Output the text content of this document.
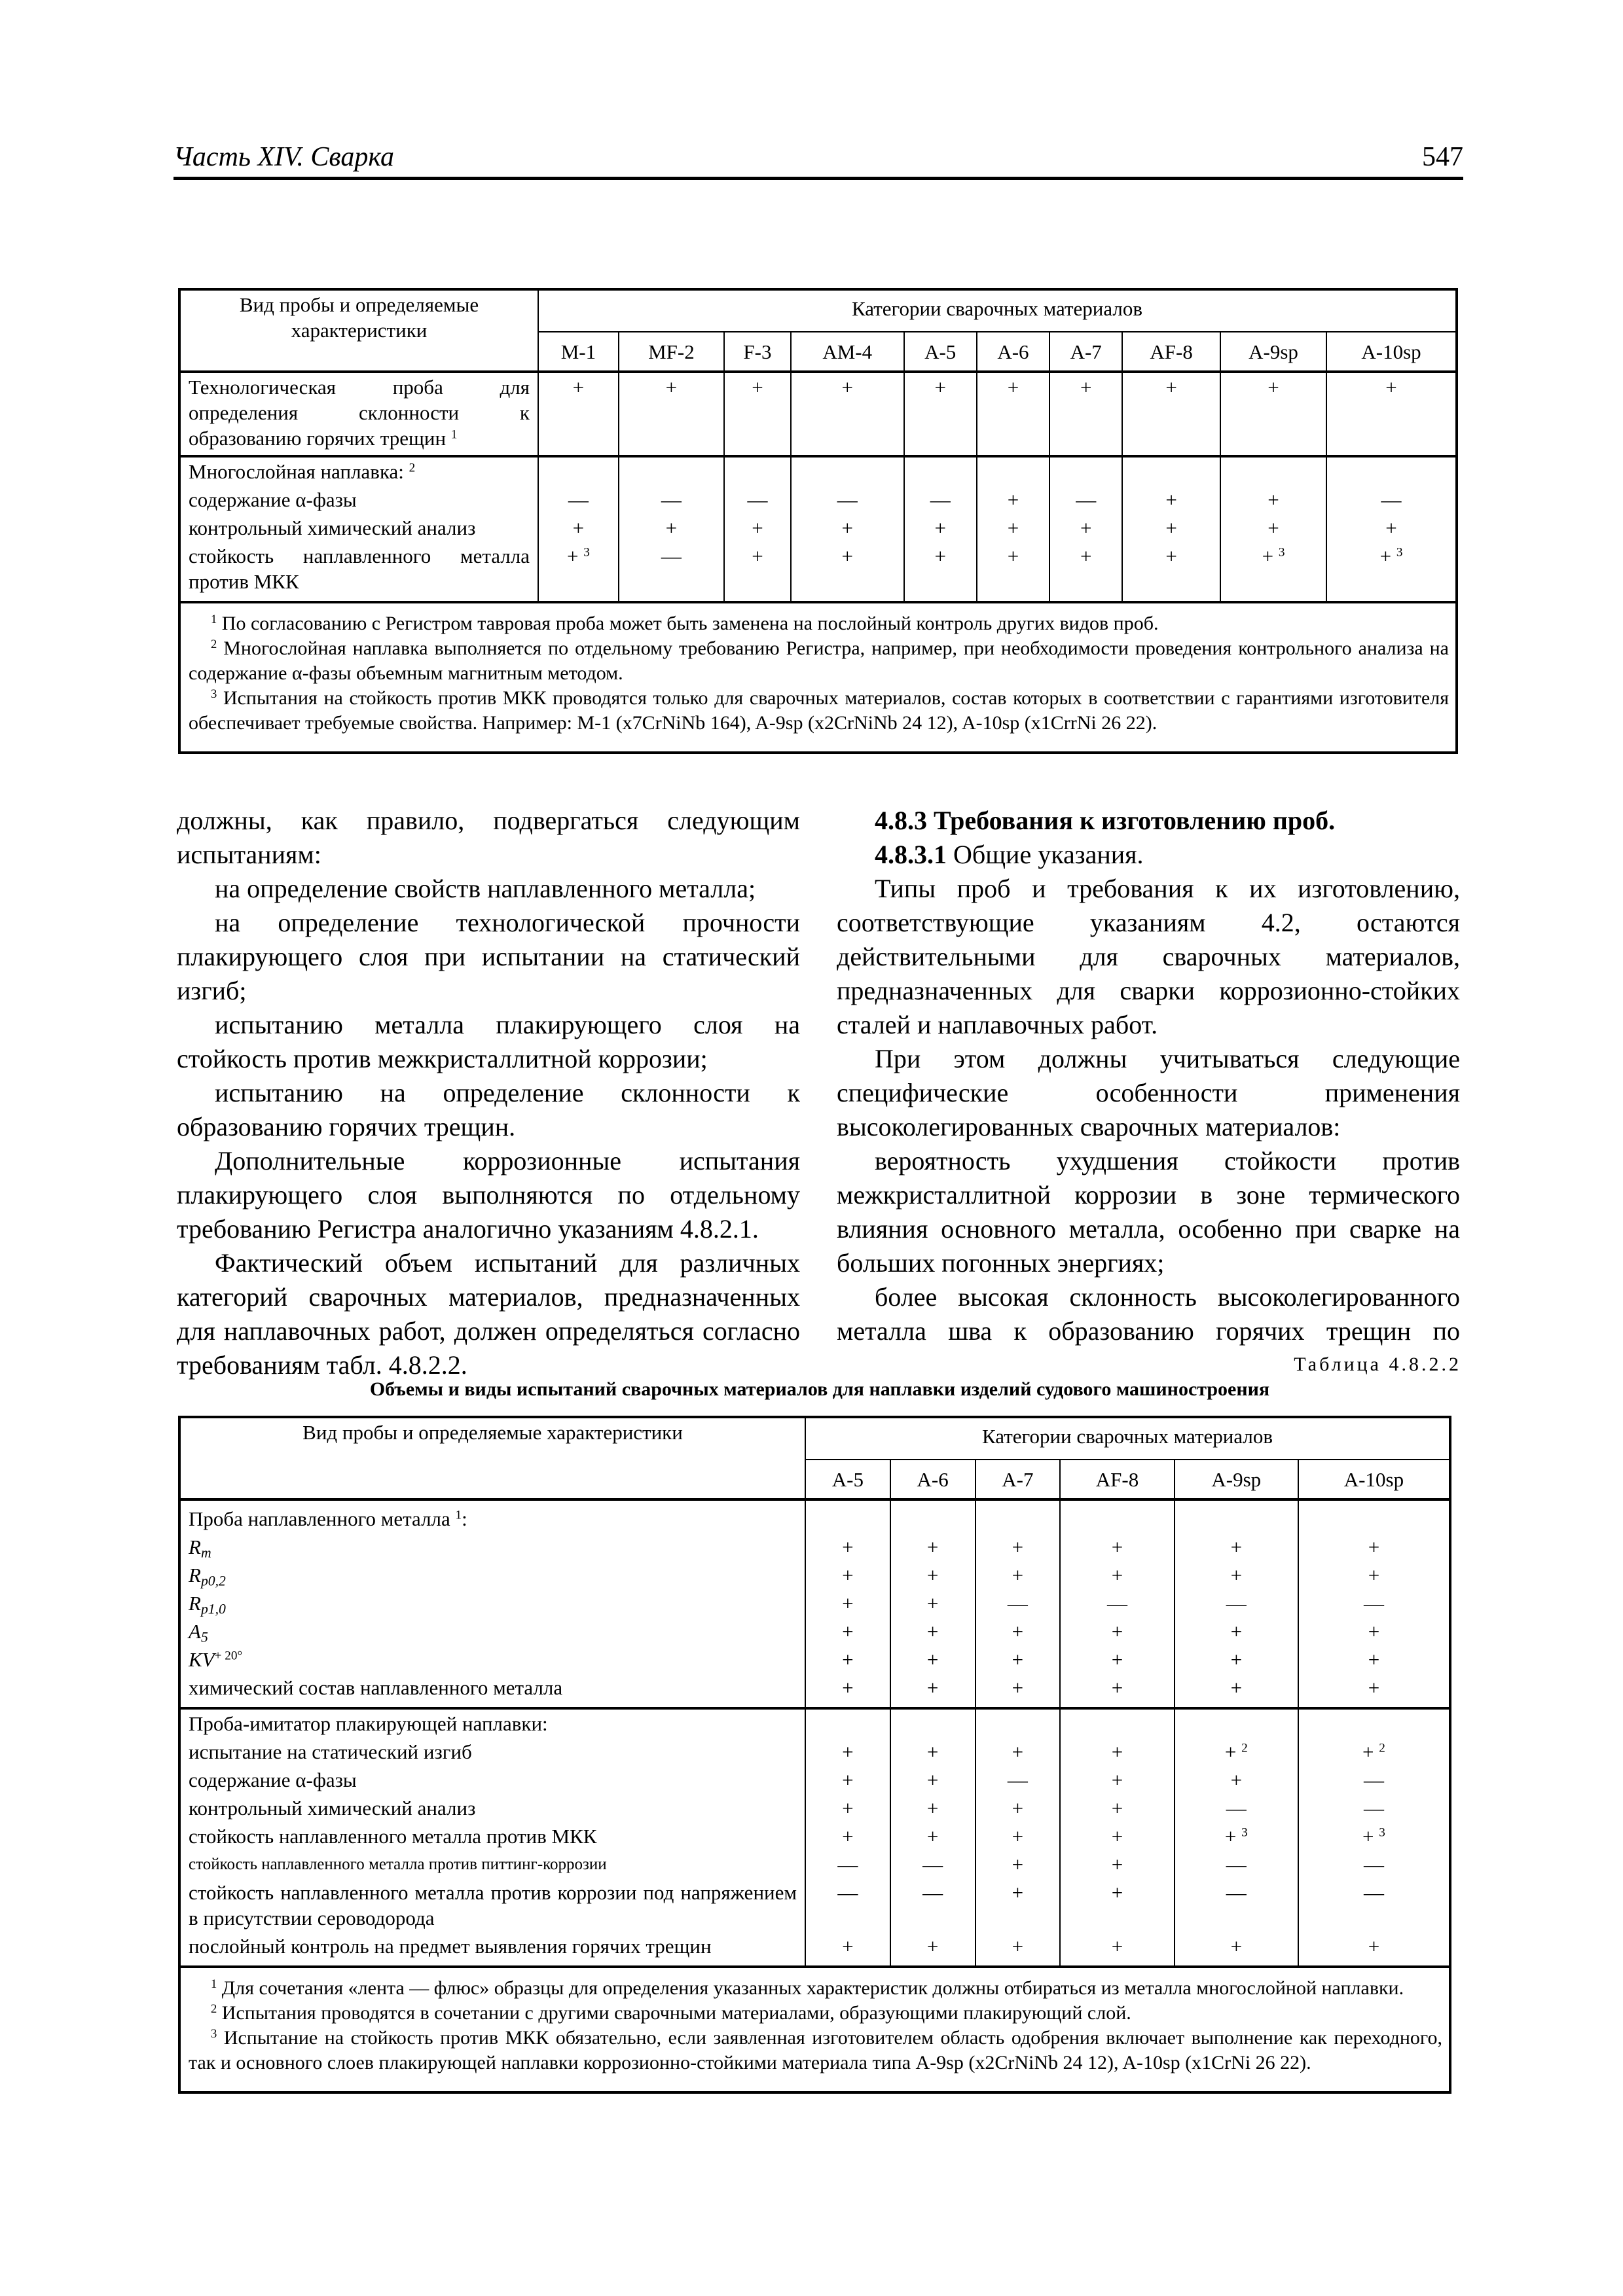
Часть XIV. Сварка	547
Вид пробы и определяемые характеристики	Категории сварочных материалов									
	M-1	MF-2	F-3	AM-4	A-5	A-6	A-7	AF-8	A-9sp	A-10sp
Технологическая проба для определения склонности к образованию горячих трещин $^1$	+	+	+	+	+	+	+	+	+	+
Многослойная наплавка: $^2$										
содержание α-фазы	—	—	—	—	—	+	—	+	+	—
контрольный химический анализ	+	+	+	+	+	+	+	+	+	+
стойкость наплавленного металла против МКК	+ $^3$	—	+	+	+	+	+	+	+ $^3$	+ $^3$

$^1$ По согласованию с Регистром тавровая проба может быть заменена на послойный контроль других видов проб.

$^2$ Многослойная наплавка выполняется по отдельному требованию Регистра, например, при необходимости проведения контрольного анализа на содержание α-фазы объемным магнитным методом.

$^3$ Испытания на стойкость против МКК проводятся только для сварочных материалов, состав которых в соответствии с гарантиями изготовителя обеспечивает требуемые свойства. Например: M-1 (x7CrNiNb 164), A-9sp (x2CrNiNb 24 12), A-10sp (x1CrrNi 26 22).										

должны, как правило, подвергаться следующим испытаниям:

на определение свойств наплавленного металла;

на определение технологической прочности плакирующего слоя при испытании на статический изгиб;

испытанию металла плакирующего слоя на стойкость против межкристаллитной коррозии;

испытанию на определение склонности к образованию горячих трещин.

Дополнительные коррозионные испытания плакирующего слоя выполняются по отдельному требованию Регистра аналогично указаниям 4.8.2.1.

Фактический объем испытаний для различных категорий сварочных материалов, предназначенных для наплавочных работ, должен определяться согласно требованиям табл. 4.8.2.2.

4.8.3 Требования к изготовлению проб.

4.8.3.1 Общие указания.

Типы проб и требования к их изготовлению, соответствующие указаниям 4.2, остаются действительными для сварочных материалов, предназначенных для сварки коррозионно-стойких сталей и наплавочных работ.

При этом должны учитываться следующие специфические особенности применения высоколегированных сварочных материалов:

вероятность ухудшения стойкости против межкристаллитной коррозии в зоне термического влияния основного металла, особенно при сварке на больших погонных энергиях;

более высокая склонность высоколегированного металла шва к образованию горячих трещин по

Таблица 4.8.2.2
Объемы и виды испытаний сварочных материалов для наплавки изделий судового машиностроения
Вид пробы и определяемые характеристики	Категории сварочных материалов					
	A-5	A-6	A-7	AF-8	A-9sp	A-10sp
Проба наплавленного металла $^1$:						
$R_m$	+	+	+	+	+	+
$R_{p0,2}$	+	+	+	+	+	+
$R_{p1,0}$	+	+	—	—	—	—
$A_5$	+	+	+	+	+	+
$KV^{+ 20^\circ}$	+	+	+	+	+	+
химический состав наплавленного металла	+	+	+	+	+	+
Проба-имитатор плакирующей наплавки:						
испытание на статический изгиб	+	+	+	+	+ $^2$	+ $^2$
содержание α-фазы	+	+	—	+	+	—
контрольный химический анализ	+	+	+	+	—	—
стойкость наплавленного металла против МКК	+	+	+	+	+ $^3$	+ $^3$
стойкость наплавленного металла против питтинг-коррозии	—	—	+	+	—	—
стойкость наплавленного металла против коррозии под напряжением в присутствии сероводорода	—	—	+	+	—	—
послойный контроль на предмет выявления горячих трещин	+	+	+	+	+	+

$^1$ Для сочетания «лента — флюс» образцы для определения указанных характеристик должны отбираться из металла многослойной наплавки.

$^2$ Испытания проводятся в сочетании с другими сварочными материалами, образующими плакирующий слой.

$^3$ Испытание на стойкость против МКК обязательно, если заявленная изготовителем область одобрения включает выполнение как переходного, так и основного слоев плакирующей наплавки коррозионно-стойкими материала типа A-9sp (x2CrNiNb 24 12), A-10sp (x1CrNi 26 22).						
